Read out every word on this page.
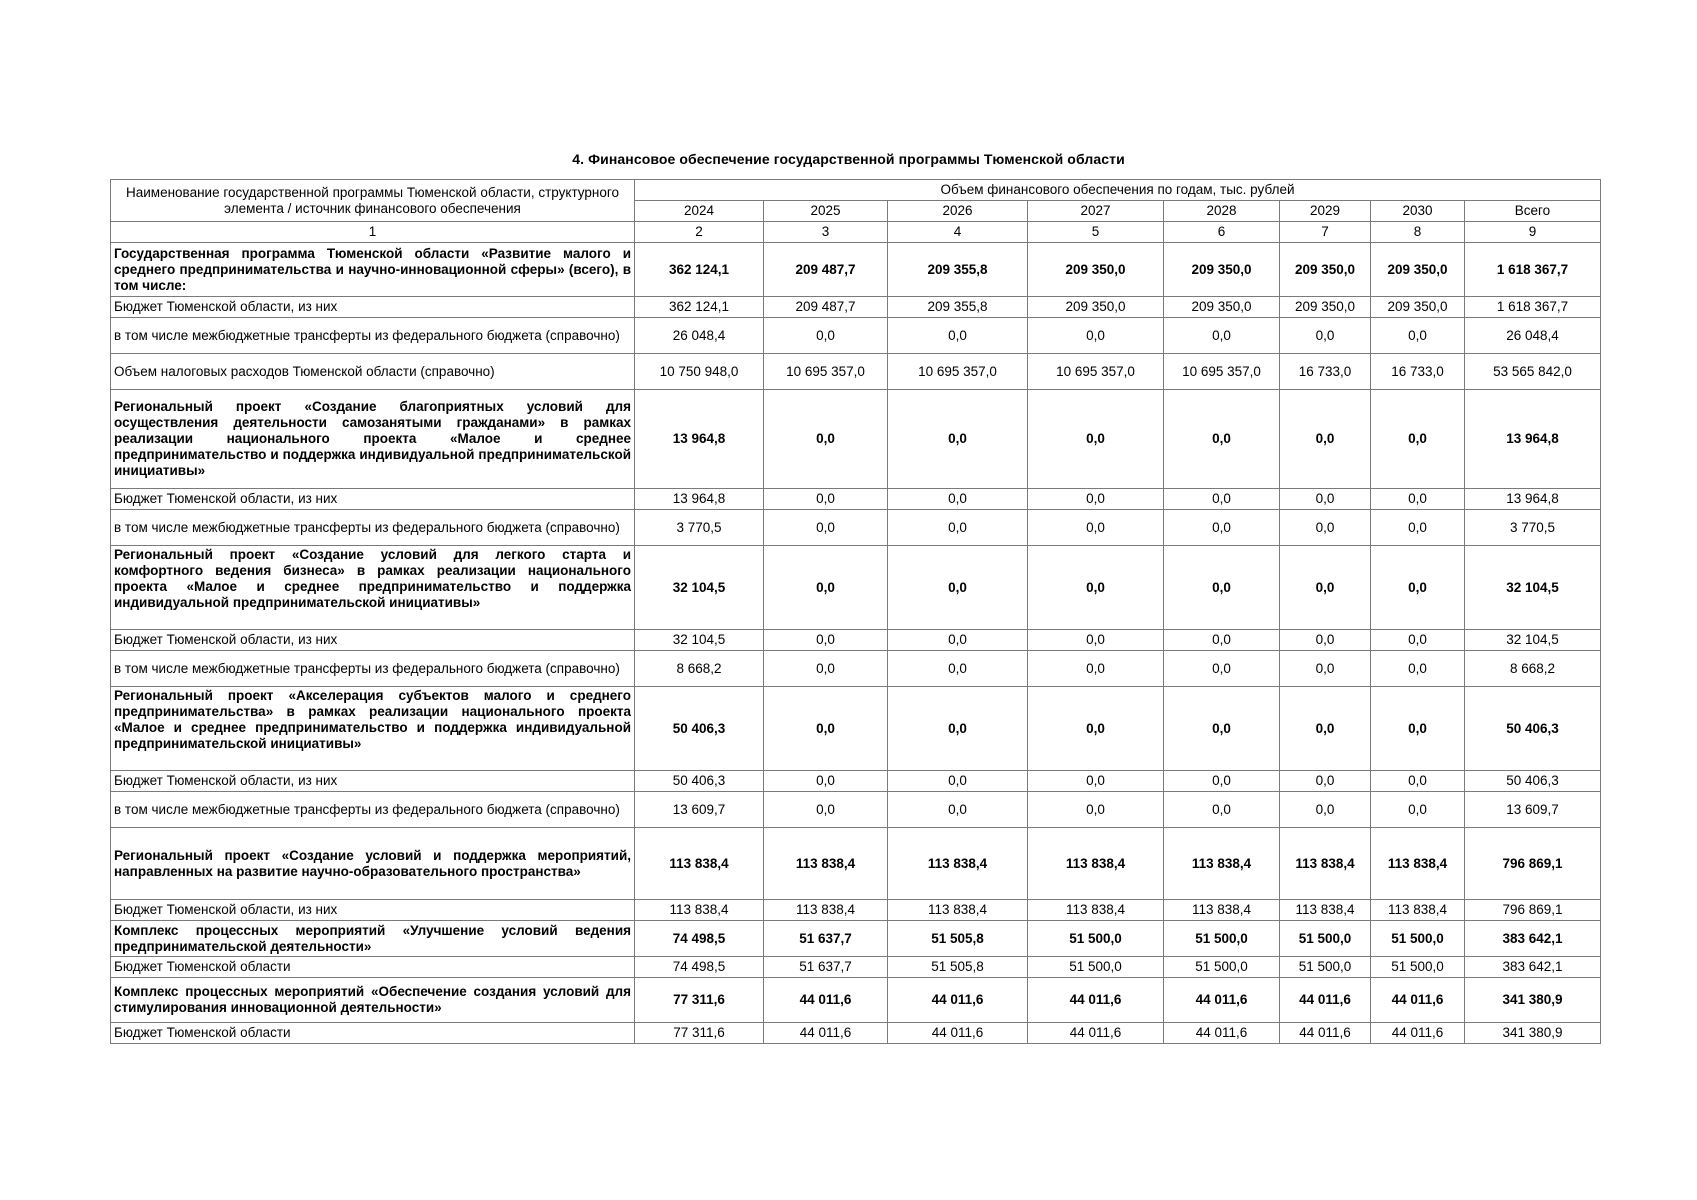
4. Финансовое обеспечение государственной программы Тюменской области
Наименование государственной программы Тюменской области, структурного элемента / источник финансового обеспечения	Объем финансового обеспечения по годам, тыс. рублей							
	2024	2025	2026	2027	2028	2029	2030	Всего
1	2	3	4	5	6	7	8	9
Государственная программа Тюменской области «Развитие малого и среднего предпринимательства и научно-инновационной сферы» (всего), в том числе:	362 124,1	209 487,7	209 355,8	209 350,0	209 350,0	209 350,0	209 350,0	1 618 367,7
Бюджет Тюменской области, из них	362 124,1	209 487,7	209 355,8	209 350,0	209 350,0	209 350,0	209 350,0	1 618 367,7
в том числе межбюджетные трансферты из федерального бюджета (справочно)	26 048,4	0,0	0,0	0,0	0,0	0,0	0,0	26 048,4
Объем налоговых расходов Тюменской области (справочно)	10 750 948,0	10 695 357,0	10 695 357,0	10 695 357,0	10 695 357,0	16 733,0	16 733,0	53 565 842,0
Региональный проект «Создание благоприятных условий для осуществления деятельности самозанятыми гражданами» в рамках реализации национального проекта «Малое и среднее предпринимательство и поддержка индивидуальной предпринимательской инициативы»	13 964,8	0,0	0,0	0,0	0,0	0,0	0,0	13 964,8
Бюджет Тюменской области, из них	13 964,8	0,0	0,0	0,0	0,0	0,0	0,0	13 964,8
в том числе межбюджетные трансферты из федерального бюджета (справочно)	3 770,5	0,0	0,0	0,0	0,0	0,0	0,0	3 770,5

Региональный проект «Создание условий для легкого старта и комфортного ведения бизнеса» в рамках реализации национального проекта «Малое и среднее предпринимательство и поддержка индивидуальной предпринимательской инициативы»	32 104,5	0,0	0,0	0,0	0,0	0,0	0,0	32 104,5
Бюджет Тюменской области, из них	32 104,5	0,0	0,0	0,0	0,0	0,0	0,0	32 104,5
в том числе межбюджетные трансферты из федерального бюджета (справочно)	8 668,2	0,0	0,0	0,0	0,0	0,0	0,0	8 668,2

Региональный проект «Акселерация субъектов малого и среднего предпринимательства» в рамках реализации национального проекта «Малое и среднее предпринимательство и поддержка индивидуальной предпринимательской инициативы»	50 406,3	0,0	0,0	0,0	0,0	0,0	0,0	50 406,3
Бюджет Тюменской области, из них	50 406,3	0,0	0,0	0,0	0,0	0,0	0,0	50 406,3
в том числе межбюджетные трансферты из федерального бюджета (справочно)	13 609,7	0,0	0,0	0,0	0,0	0,0	0,0	13 609,7
Региональный проект «Создание условий и поддержка мероприятий, направленных на развитие научно-образовательного пространства»	113 838,4	113 838,4	113 838,4	113 838,4	113 838,4	113 838,4	113 838,4	796 869,1
Бюджет Тюменской области, из них	113 838,4	113 838,4	113 838,4	113 838,4	113 838,4	113 838,4	113 838,4	796 869,1
Комплекс процессных мероприятий «Улучшение условий ведения предпринимательской деятельности»	74 498,5	51 637,7	51 505,8	51 500,0	51 500,0	51 500,0	51 500,0	383 642,1
Бюджет Тюменской области	74 498,5	51 637,7	51 505,8	51 500,0	51 500,0	51 500,0	51 500,0	383 642,1
Комплекс процессных мероприятий «Обеспечение создания условий для стимулирования инновационной деятельности»	77 311,6	44 011,6	44 011,6	44 011,6	44 011,6	44 011,6	44 011,6	341 380,9
Бюджет Тюменской области	77 311,6	44 011,6	44 011,6	44 011,6	44 011,6	44 011,6	44 011,6	341 380,9
